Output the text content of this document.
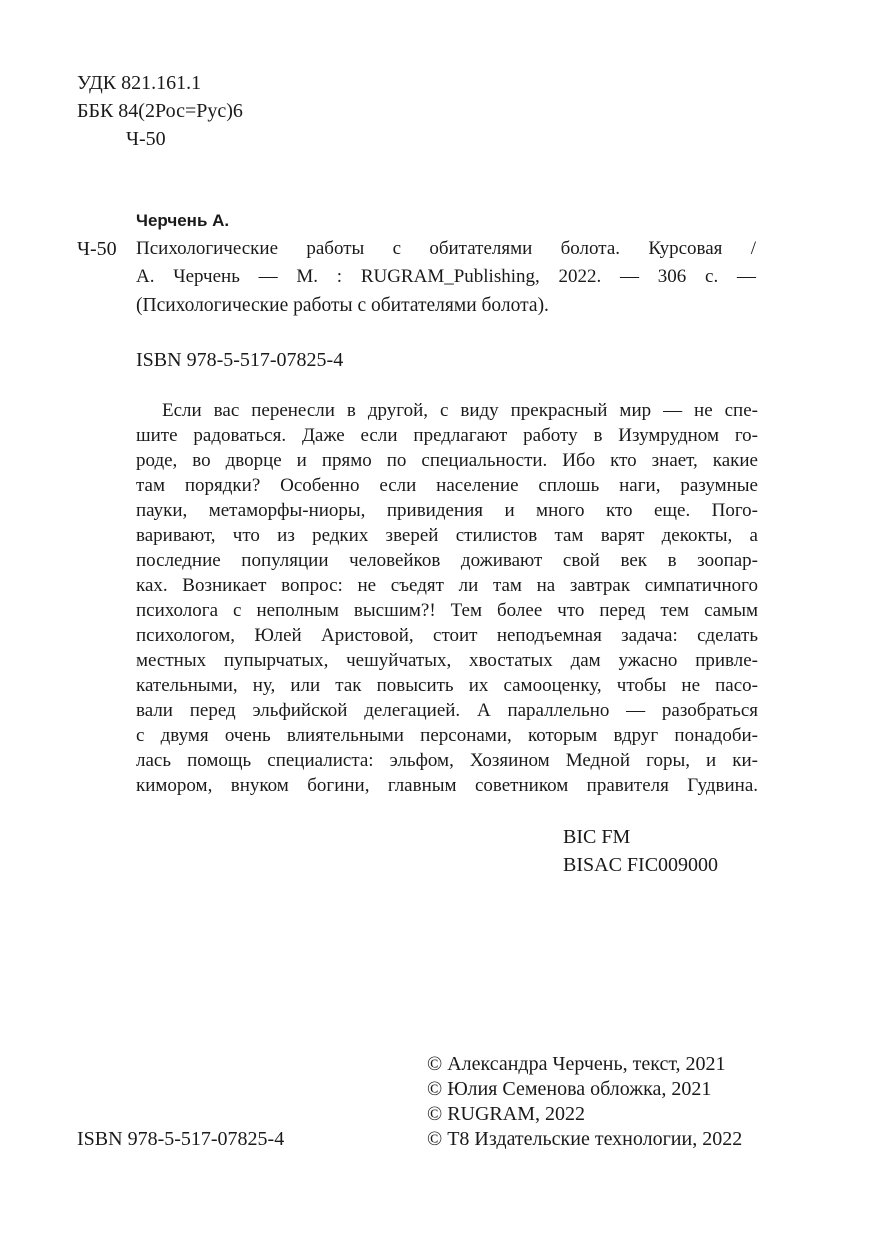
УДК 821.161.1
ББК 84(2Рос=Рус)6
Ч-50
Черчень А.
Ч-50 Психологические работы с обитателями болота. Курсовая /
А. Черчень — М. : RUGRAM_Publishing, 2022. — 306 с. —
(Психологические работы с обитателями болота).
ISBN 978-5-517-07825-4
Если вас перенесли в другой, с виду прекрасный мир — не спе-
шите радоваться. Даже если предлагают работу в Изумрудном го-
роде, во дворце и прямо по специальности. Ибо кто знает, какие
там порядки? Особенно если население сплошь наги, разумные
пауки, метаморфы-ниоры, привидения и много кто еще. Пого-
варивают, что из редких зверей стилистов там варят декокты, а
последние популяции человейков доживают свой век в зоопар-
ках. Возникает вопрос: не съедят ли там на завтрак симпатичного
психолога с неполным высшим?! Тем более что перед тем самым
психологом, Юлей Аристовой, стоит неподъемная задача: сделать
местных пупырчатых, чешуйчатых, хвостатых дам ужасно привле-
кательными, ну, или так повысить их самооценку, чтобы не пасо-
вали перед эльфийской делегацией. А параллельно — разобраться
с двумя очень влиятельными персонами, которым вдруг понадоби-
лась помощь специалиста: эльфом, Хозяином Медной горы, и ки-
кимором, внуком богини, главным советником правителя Гудвина.
BIC FM
BISAC FIC009000
© Александра Черчень, текст, 2021
© Юлия Семенова обложка, 2021
© RUGRAM, 2022
© Т8 Издательские технологии, 2022
ISBN 978-5-517-07825-4
